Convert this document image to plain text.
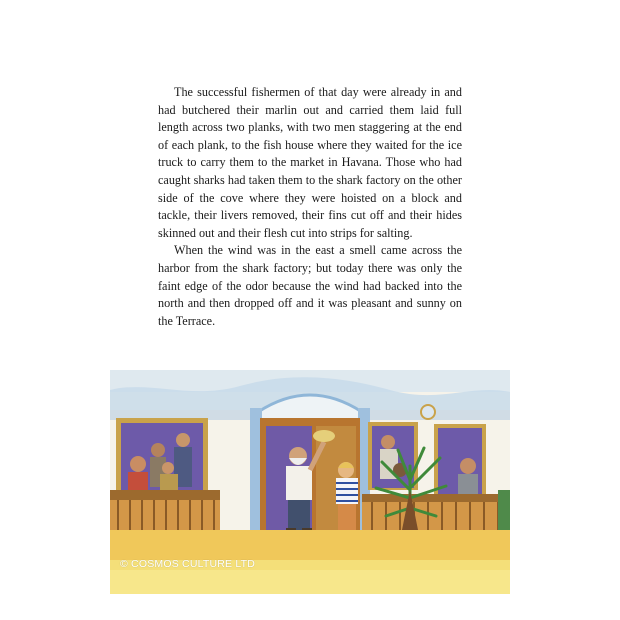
The successful fishermen of that day were already in and had butchered their marlin out and carried them laid full length across two planks, with two men staggering at the end of each plank, to the fish house where they waited for the ice truck to carry them to the market in Havana. Those who had caught sharks had taken them to the shark factory on the other side of the cove where they were hoisted on a block and tackle, their livers removed, their fins cut off and their hides skinned out and their flesh cut into strips for salting.

When the wind was in the east a smell came across the harbor from the shark factory; but today there was only the faint edge of the odor because the wind had backed into the north and then dropped off and it was pleasant and sunny on the Terrace.

© COSMOS CULTURE LTD
